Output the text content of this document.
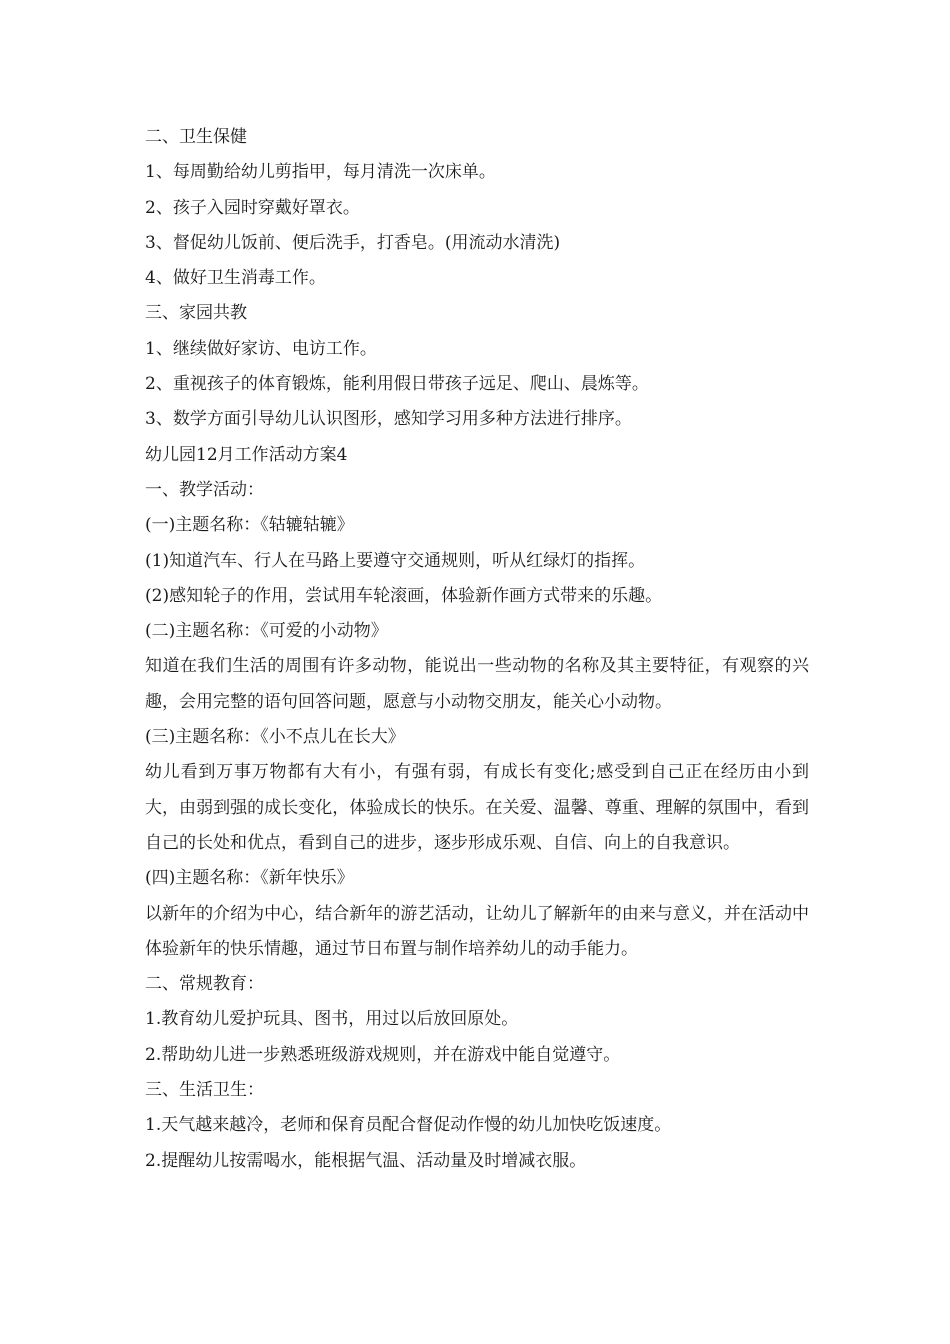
二、卫生保健
1、每周勤给幼儿剪指甲，每月清洗一次床单。
2、孩子入园时穿戴好罩衣。
3、督促幼儿饭前、便后洗手，打香皂。(用流动水清洗)
4、做好卫生消毒工作。
三、家园共教
1、继续做好家访、电访工作。
2、重视孩子的体育锻炼，能利用假日带孩子远足、爬山、晨炼等。
3、数学方面引导幼儿认识图形，感知学习用多种方法进行排序。
幼儿园12月工作活动方案4
一、教学活动：
(一)主题名称：《轱辘轱辘》
(1)知道汽车、行人在马路上要遵守交通规则，听从红绿灯的指挥。
(2)感知轮子的作用，尝试用车轮滚画，体验新作画方式带来的乐趣。
(二)主题名称：《可爱的小动物》
知道在我们生活的周围有许多动物，能说出一些动物的名称及其主要特征，有观察的兴趣，会用完整的语句回答问题，愿意与小动物交朋友，能关心小动物。
(三)主题名称：《小不点儿在长大》
幼儿看到万事万物都有大有小，有强有弱，有成长有变化;感受到自己正在经历由小到大，由弱到强的成长变化，体验成长的快乐。在关爱、温馨、尊重、理解的氛围中，看到自己的长处和优点，看到自己的进步，逐步形成乐观、自信、向上的自我意识。
(四)主题名称：《新年快乐》
以新年的介绍为中心，结合新年的游艺活动，让幼儿了解新年的由来与意义，并在活动中体验新年的快乐情趣，通过节日布置与制作培养幼儿的动手能力。
二、常规教育：
1.教育幼儿爱护玩具、图书，用过以后放回原处。
2.帮助幼儿进一步熟悉班级游戏规则，并在游戏中能自觉遵守。
三、生活卫生：
1.天气越来越冷，老师和保育员配合督促动作慢的幼儿加快吃饭速度。
2.提醒幼儿按需喝水，能根据气温、活动量及时增减衣服。
